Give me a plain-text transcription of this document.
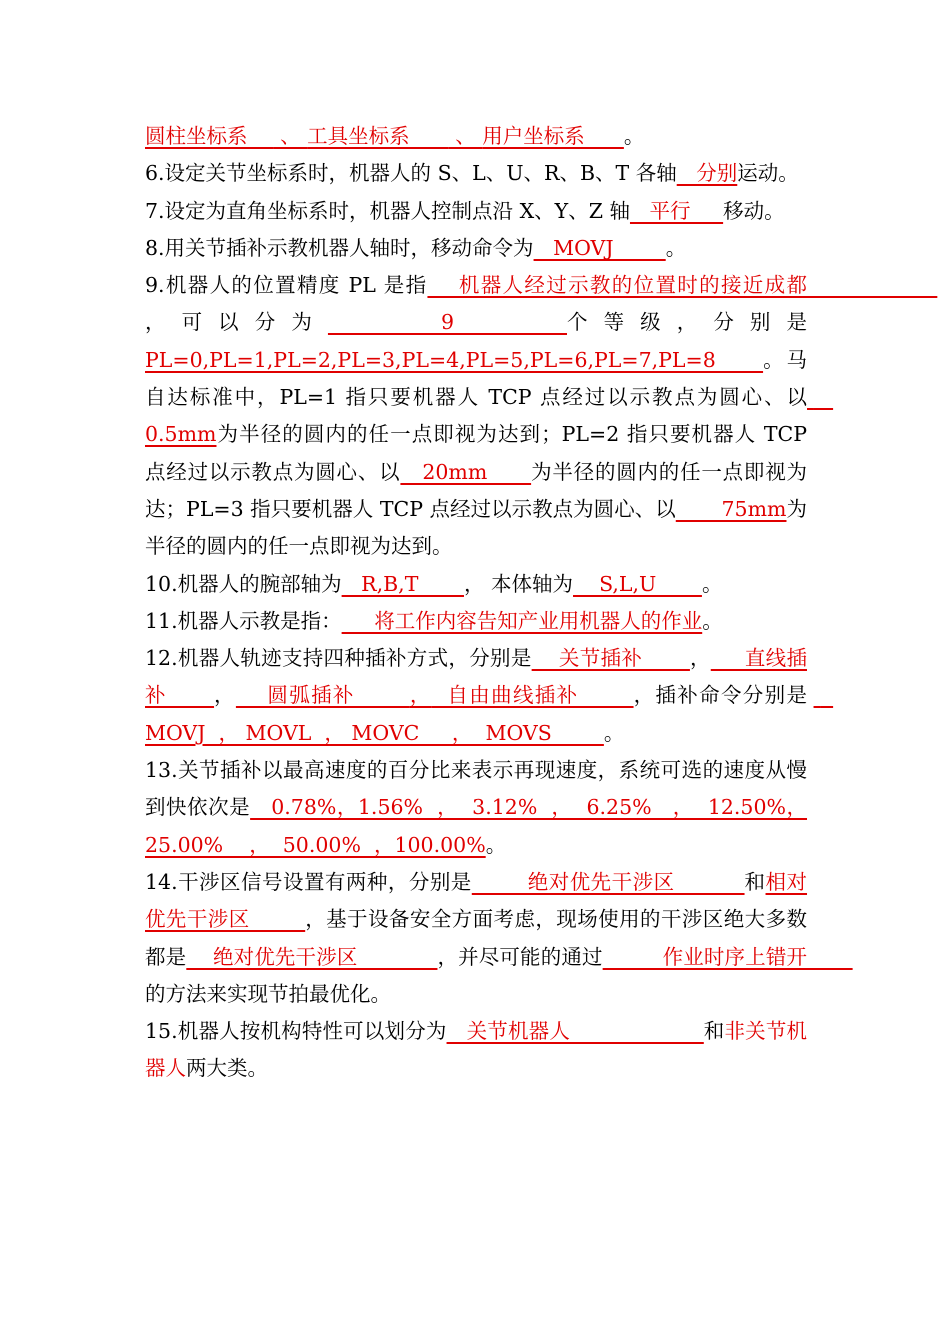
圆柱坐标系     、 工具坐标系       、 用户坐标系      。

6.设定关节坐标系时，机器人的 S、L、U、R、B、T 各轴   分别运动。

7.设定为直角坐标系时，机器人控制点沿 X、Y、Z 轴   平行     移动。

8.用关节插补示教机器人轴时，移动命令为   MOVJ        。

9.机器人的位置精度 PL 是指    机器人经过示教的位置时的接近成都                    ，可以分为     9     个等级，分别是PL=0,PL=1,PL=2,PL=3,PL=4,PL=5,PL=6,PL=7,PL=8     。马自达标准中，PL=1 指只要机器人 TCP 点经过以示教点为圆心、以    0.5mm为半径的圆内的任一点即视为达到；PL=2 指只要机器人 TCP 点经过以示教点为圆心、以   20mm      为半径的圆内的任一点即视为达；PL=3 指只要机器人 TCP 点经过以示教点为圆心、以       75mm为半径的圆内的任一点即视为达到。

10.机器人的腕部轴为   R,B,T       ， 本体轴为    S,L,U       。

11.机器人示教是指：     将工作内容告知产业用机器人的作业。

12.机器人轨迹支持四种插补方式，分别是    关节插补       ，     直线插补      ，    圆弧插补       ，  自由曲线插补       ，插补命令分别是    MOVJ  ， MOVL  ， MOVC     ，  MOVS        。

13.关节插补以最高速度的百分比来表示再现速度，系统可选的速度从慢到快依次是   0.78%，1.56%  ，  3.12%  ，  6.25%   ，  12.50%，25.00%    ，  50.00%  ，100.00%。

14.干涉区信号设置有两种，分别是        绝对优先干涉区          和相对优先干涉区        ，基于设备安全方面考虑，现场使用的干涉区绝大多数都是    绝对优先干涉区            ，并尽可能的通过         作业时序上错开       的方法来实现节拍最优化。

15.机器人按机构特性可以划分为   关节机器人                    和非关节机器人两大类。
